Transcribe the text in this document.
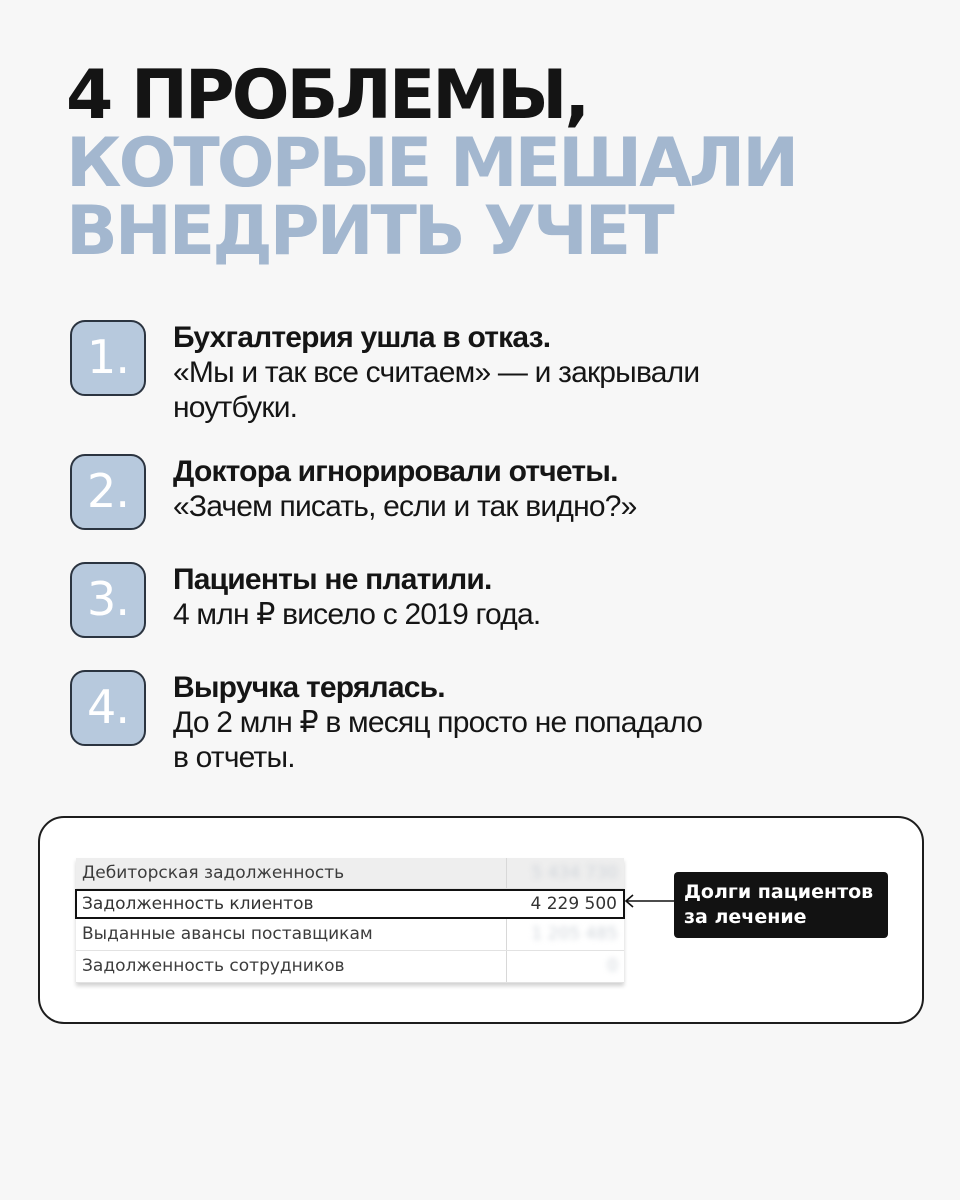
4 ПРОБЛЕМЫ,
КОТОРЫЕ МЕШАЛИ
ВНЕДРИТЬ УЧЕТ
1.	Бухгалтерия ушла в отказ.
«Мы и так все считаем» — и закрывали
ноутбуки.
2.	Доктора игнорировали отчеты.
«Зачем писать, если и так видно?»
3.	Пациенты не платили.
4 млн ₽ висело с 2019 года.
4.	Выручка терялась.
До 2 млн ₽ в месяц просто не попадало
в отчеты.
Дебиторская задолженность	5 434 730
Задолженность клиентов	4 229 500
Выданные авансы поставщикам	1 205 485
Задолженность сотрудников	0
Долги пациентов
за лечение
